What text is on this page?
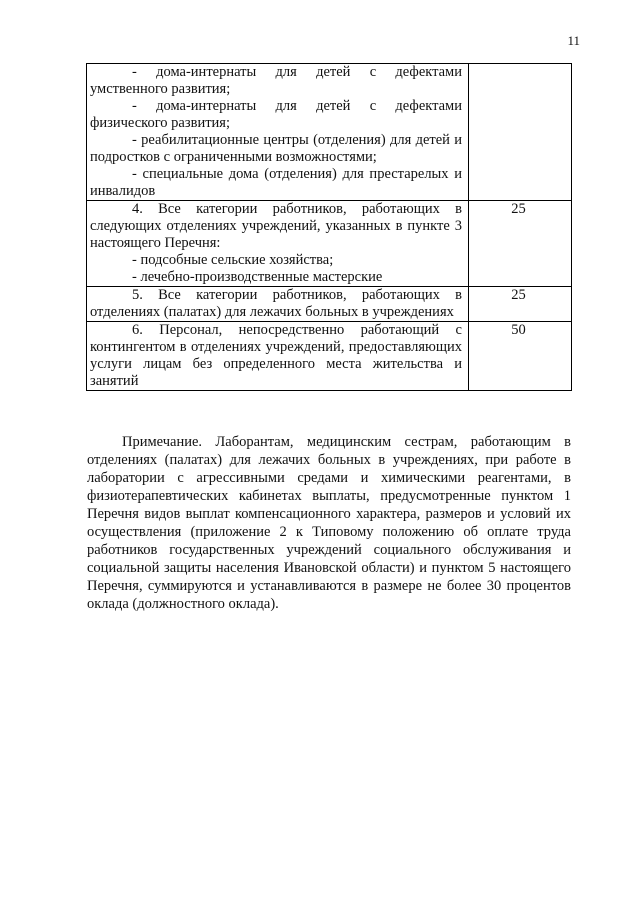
11
- дома-интернаты для детей с дефектами умственного развития;
- дома-интернаты для детей с дефектами физического развития;
- реабилитационные центры (отделения) для детей и подростков с ограниченными возможностями;
- специальные дома (отделения) для престарелых и инвалидов	

4. Все категории работников, работающих в следующих отделениях учреждений, указанных в пункте 3 настоящего Перечня:
- подсобные сельские хозяйства;
- лечебно-производственные мастерские	25

5. Все категории работников, работающих в отделениях (палатах) для лежачих больных в учреждениях	25

6. Персонал, непосредственно работающий с контингентом в отделениях учреждений, предоставляющих услуги лицам без определенного места жительства и занятий	50

Примечание. Лаборантам, медицинским сестрам, работающим в отделениях (палатах) для лежачих больных в учреждениях, при работе в лаборатории с агрессивными средами и химическими реагентами, в физиотерапевтических кабинетах выплаты, предусмотренные пунктом 1 Перечня видов выплат компенсационного характера, размеров и условий их осуществления (приложение 2 к Типовому положению об оплате труда работников государственных учреждений социального обслуживания и социальной защиты населения Ивановской области) и пунктом 5 настоящего Перечня, суммируются и устанавливаются в размере не более 30 процентов оклада (должностного оклада).
